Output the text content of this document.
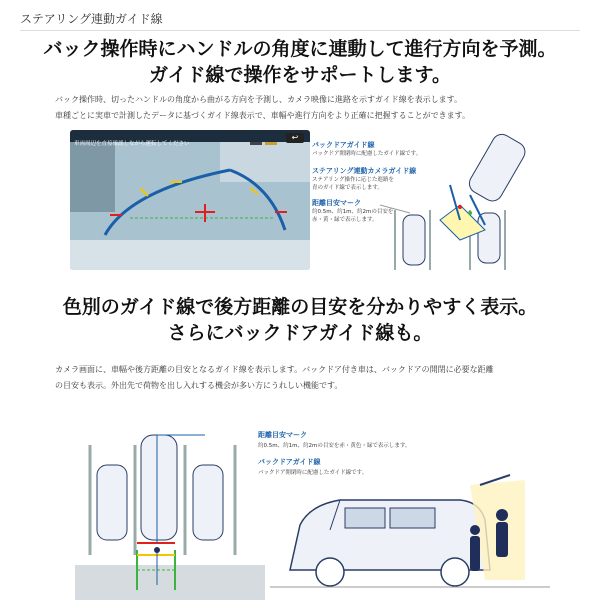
ステアリング連動ガイド線
バック操作時にハンドルの角度に連動して進行方向を予測。
ガイド線で操作をサポートします。
バック操作時、切ったハンドルの角度から曲がる方向を予測し、カメラ映像に進路を示すガイド線を表示します。
車種ごとに実車で計測したデータに基づくガイド線表示で、車幅や進行方向をより正確に把握することができます。
車両周辺を直接確認しながら運転してください
↩
バックドアガイド線
バックドア開閉時に配慮したガイド線です。
ステアリング連動カメラガイド線
ステアリング操作に応じた進路を
青のガイド線で表示します。
距離目安マーク
約0.5m、約1m、約2mの目安を
赤・黄・緑で表示します。
色別のガイド線で後方距離の目安を分かりやすく表示。
さらにバックドアガイド線も。
カメラ画面に、車幅や後方距離の目安となるガイド線を表示します。バックドア付き車は、バックドアの開閉に必要な距離
の目安も表示。外出先で荷物を出し入れする機会が多い方にうれしい機能です。
距離目安マーク
約0.5m、約1m、約2mの目安を赤・黄色・緑で表示します。
バックドアガイド線
バックドア開閉時に配慮したガイド線です。
